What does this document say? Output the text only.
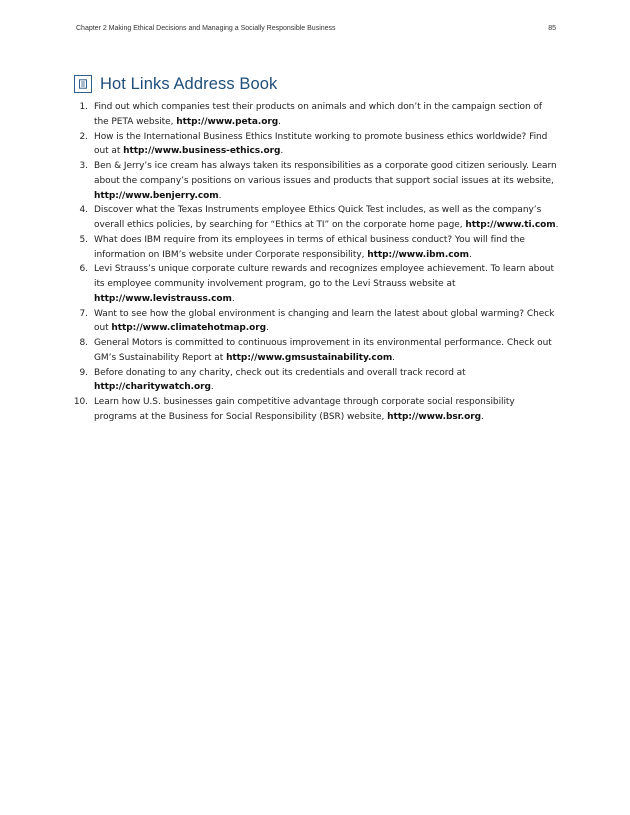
Chapter 2 Making Ethical Decisions and Managing a Socially Responsible Business	85
Hot Links Address Book
1. Find out which companies test their products on animals and which don’t in the campaign section of the PETA website, http://www.peta.org.
2. How is the International Business Ethics Institute working to promote business ethics worldwide? Find out at http://www.business-ethics.org.
3. Ben & Jerry’s ice cream has always taken its responsibilities as a corporate good citizen seriously. Learn about the company’s positions on various issues and products that support social issues at its website, http://www.benjerry.com.
4. Discover what the Texas Instruments employee Ethics Quick Test includes, as well as the company’s overall ethics policies, by searching for “Ethics at TI” on the corporate home page, http://www.ti.com.
5. What does IBM require from its employees in terms of ethical business conduct? You will find the information on IBM’s website under Corporate responsibility, http://www.ibm.com.
6. Levi Strauss’s unique corporate culture rewards and recognizes employee achievement. To learn about its employee community involvement program, go to the Levi Strauss website at http://www.levistrauss.com.
7. Want to see how the global environment is changing and learn the latest about global warming? Check out http://www.climatehotmap.org.
8. General Motors is committed to continuous improvement in its environmental performance. Check out GM’s Sustainability Report at http://www.gmsustainability.com.
9. Before donating to any charity, check out its credentials and overall track record at http://charitywatch.org.
10. Learn how U.S. businesses gain competitive advantage through corporate social responsibility programs at the Business for Social Responsibility (BSR) website, http://www.bsr.org.
